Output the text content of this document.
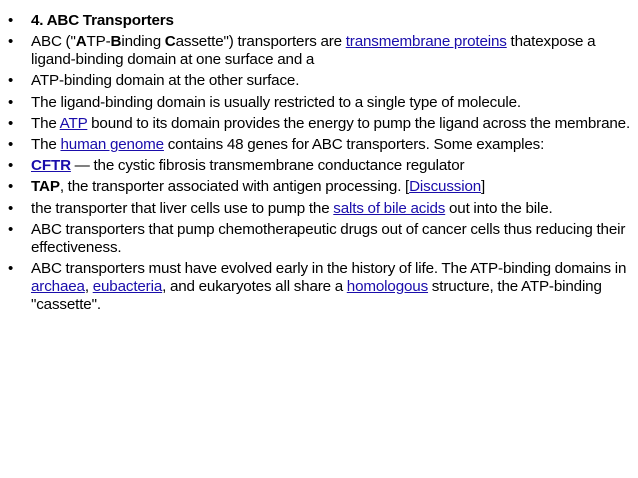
• 4. ABC Transporters
• ABC ("ATP-Binding Cassette") transporters are transmembrane proteins thatexpose a ligand-binding domain at one surface and a
• ATP-binding domain at the other surface.
• The ligand-binding domain is usually restricted to a single type of molecule.
• The ATP bound to its domain provides the energy to pump the ligand across the membrane.
• The human genome contains 48 genes for ABC transporters. Some examples:
• CFTR — the cystic fibrosis transmembrane conductance regulator
• TAP, the transporter associated with antigen processing. [Discussion]
• the transporter that liver cells use to pump the salts of bile acids out into the bile.
• ABC transporters that pump chemotherapeutic drugs out of cancer cells thus reducing their effectiveness.
• ABC transporters must have evolved early in the history of life. The ATP-binding domains in archaea, eubacteria, and eukaryotes all share a homologous structure, the ATP-binding "cassette".
